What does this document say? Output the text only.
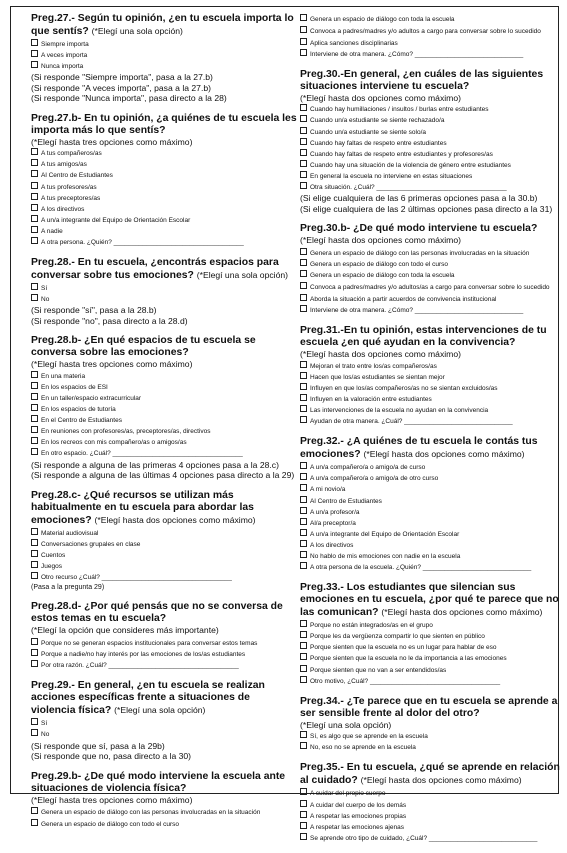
Preg.27.- Según tu opinión, ¿en tu escuela importa lo que sentís? (*Elegí una sola opción)
Siempre importa
A veces importa
Nunca importa
(Si responde "Siempre importa", pasa a la 27.b)
(Si responde "A veces importa", pasa a la 27.b)
(Si responde "Nunca importa", pasa directo a la 28)
Preg.27.b- En tu opinión, ¿a quiénes de tu escuela les importa más lo que sentís?
(*Elegí hasta tres opciones como máximo)
A tus compañeros/as
A tus amigos/as
Al Centro de Estudiantes
A tus profesores/as
A tus preceptores/as
A los directivos
A un/a integrante del Equipo de Orientación Escolar
A nadie
A otra persona. ¿Quién? ____________________________________
Preg.28.- En tu escuela, ¿encontrás espacios para conversar sobre tus emociones? (*Elegí una sola opción)
Sí
No
(Si responde "sí", pasa a la 28.b)
(Si responde "no", pasa directo a la 28.d)
Preg.28.b- ¿En qué espacios de tu escuela se conversa sobre las emociones?
(*Elegí hasta tres opciones como máximo)
En una materia
En los espacios de ESI
En un taller/espacio extracurricular
En los espacios de tutoría
En el Centro de Estudiantes
En reuniones con profesores/as, preceptores/as, directivos
En los recreos con mis compañero/as o amigos/as
En otro espacio. ¿Cuál? ____________________________________
(Si responde a alguna de las primeras 4 opciones pasa a la 28.c)
(Si responde a alguna de las últimas 4 opciones pasa directo a la 29)
Preg.28.c- ¿Qué recursos se utilizan más habitualmente en tu escuela para abordar las emociones? (*Elegí hasta dos opciones como máximo)
Material audiovisual
Conversaciones grupales en clase
Cuentos
Juegos
Otro recurso ¿Cuál? ____________________________________
(Pasa a la pregunta 29)
Preg.28.d- ¿Por qué pensás que no se conversa de estos temas en tu escuela?
(*Elegí la opción que consideres más importante)
Porque no se generan espacios institucionales para conversar estos temas
Porque a nadie/no hay interés por las emociones de los/as estudiantes
Por otra razón. ¿Cuál? ____________________________________
Preg.29.- En general, ¿en tu escuela se realizan acciones específicas frente a situaciones de violencia física? (*Elegí una sola opción)
Sí
No
(Si responde que sí, pasa a la 29b)
(Si responde que no, pasa directo a la 30)
Preg.29.b- ¿De qué modo interviene la escuela ante situaciones de violencia física?
(*Elegí hasta tres opciones como máximo)
Genera un espacio de diálogo con las personas involucradas en la situación
Genera un espacio de diálogo con todo el curso
Genera un espacio de diálogo con toda la escuela
Convoca a padres/madres y/o adultos a cargo para conversar sobre lo sucedido
Aplica sanciones disciplinarias
Interviene de otra manera. ¿Cómo? ______________________________
Preg.30.-En general, ¿en cuáles de las siguientes situaciones interviene tu escuela?
(*Elegí hasta dos opciones como máximo)
Cuando hay humillaciones / insultos / burlas entre estudiantes
Cuando un/a estudiante se siente rechazado/a
Cuando un/a estudiante se siente solo/a
Cuando hay faltas de respeto entre estudiantes
Cuando hay faltas de respeto entre estudiantes y profesores/as
Cuando hay una situación de la violencia de género entre estudiantes
En general la escuela no interviene en estas situaciones
Otra situación. ¿Cuál? ____________________________________
(Si elige cualquiera de las 6 primeras opciones pasa a la 30.b)
(Si elige cualquiera de las 2 últimas opciones pasa directo a la 31)
Preg.30.b- ¿De qué modo interviene tu escuela?
(*Elegí hasta dos opciones como máximo)
Genera un espacio de diálogo con las personas involucradas en la situación
Genera un espacio de diálogo con todo el curso
Genera un espacio de diálogo con toda la escuela
Convoca a padres/madres y/o adultos/as a cargo para conversar sobre lo sucedido
Aborda la situación a partir acuerdos de convivencia institucional
Interviene de otra manera. ¿Cómo? ______________________________
Preg.31.-En tu opinión, estas intervenciones de tu escuela ¿en qué ayudan en la convivencia?
(*Elegí hasta dos opciones como máximo)
Mejoran el trato entre los/as compañeros/as
Hacen que los/as estudiantes se sientan mejor
Influyen en que los/as compañeros/as no se sientan excluidos/as
Influyen en la valoración entre estudiantes
Las intervenciones de la escuela no ayudan en la convivencia
Ayudan de otra manera. ¿Cuál? ______________________________
Preg.32.- ¿A quiénes de tu escuela le contás tus emociones? (*Elegí hasta dos opciones como máximo)
A un/a compañero/a o amigo/a de curso
A un/a compañero/a o amigo/a de otro curso
A mi novio/a
Al Centro de Estudiantes
A un/a profesor/a
Al/a preceptor/a
A un/a integrante del Equipo de Orientación Escolar
A los directivos
No hablo de mis emociones con nadie en la escuela
A otra persona de la escuela. ¿Quién? ______________________________
Preg.33.- Los estudiantes que silencian sus emociones en tu escuela, ¿por qué te parece que no las comunican? (*Elegí hasta dos opciones como máximo)
Porque no están integrados/as en el grupo
Porque les da vergüenza compartir lo que sienten en público
Porque sienten que la escuela no es un lugar para hablar de eso
Porque sienten que la escuela no le da importancia a las emociones
Porque sienten que no van a ser entendidos/as
Otro motivo, ¿Cuál? ____________________________________
Preg.34.- ¿Te parece que en tu escuela se aprende a ser sensible frente al dolor del otro?
(*Elegí una sola opción)
Sí, es algo que se aprende en la escuela
No, eso no se aprende en la escuela
Preg.35.- En tu escuela, ¿qué se aprende en relación al cuidado? (*Elegí hasta dos opciones como máximo)
A cuidar del propio cuerpo
A cuidar del cuerpo de los demás
A respetar las emociones propias
A respetar las emociones ajenas
Se aprende otro tipo de cuidado, ¿Cuál? ______________________________
